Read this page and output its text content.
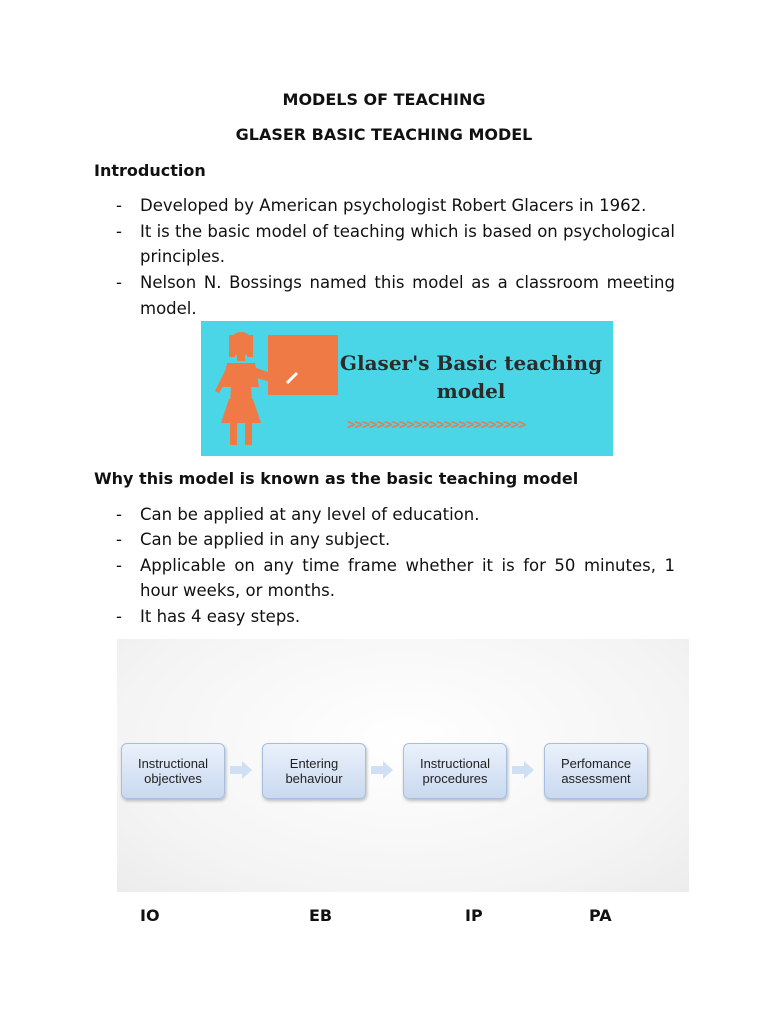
MODELS OF TEACHING
GLASER BASIC TEACHING MODEL
Introduction
- Developed by American psychologist Robert Glacers in 1962.
- It is the basic model of teaching which is based on psychological
principles.
- Nelson N. Bossings named this model as a classroom meeting
model.
Glaser's Basic teaching
model
>>>>>>>>>>>>>>>>>>>>>>>>
Why this model is known as the basic teaching model
- Can be applied at any level of education.
- Can be applied in any subject.
- Applicable on any time frame whether it is for 50 minutes, 1
hour weeks, or months.
- It has 4 easy steps.
Instructional
objectives
Entering
behaviour
Instructional
procedures
Perfomance
assessment
IO	EB	IP	PA
